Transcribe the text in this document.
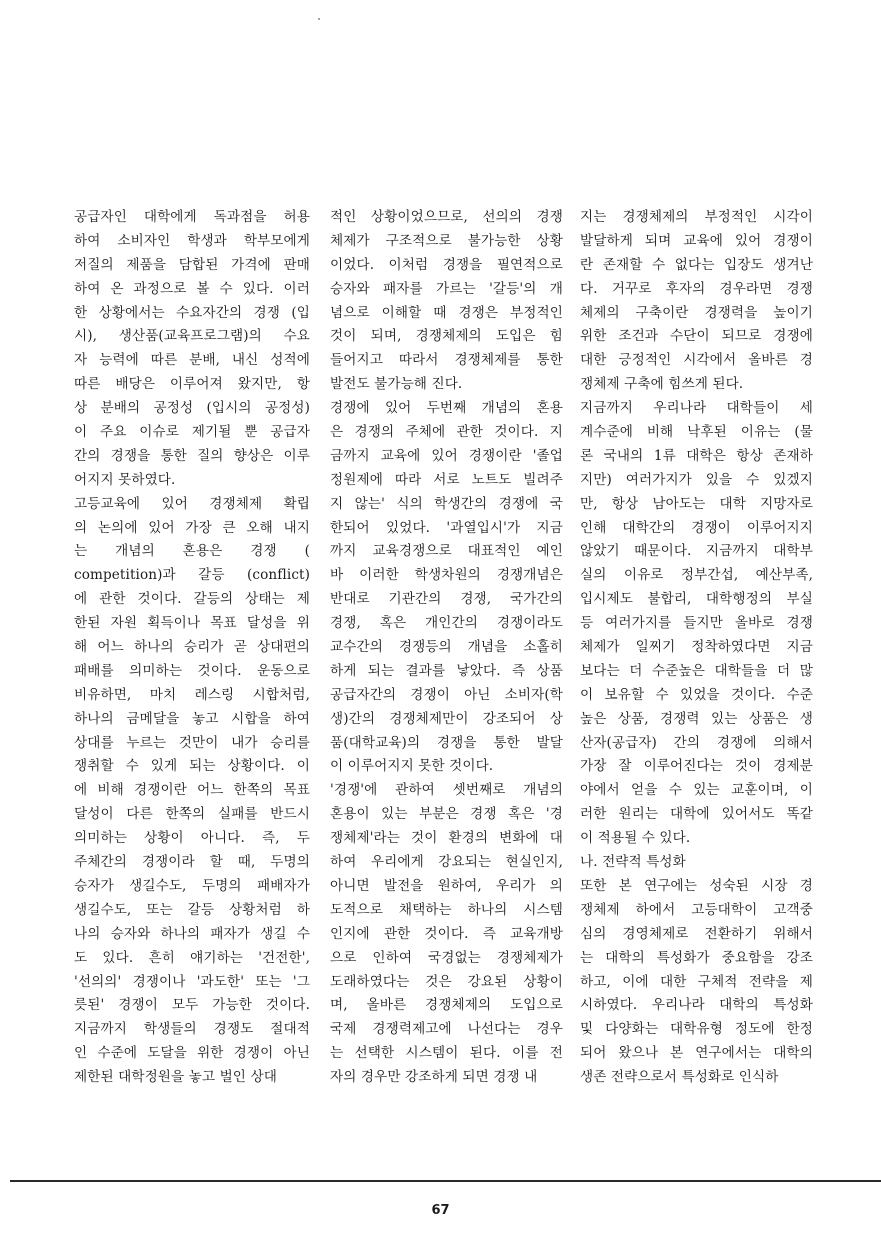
공급자인 대학에게 독과점을 허용
하여 소비자인 학생과 학부모에게
저질의 제품을 담합된 가격에 판매
하여 온 과정으로 볼 수 있다. 이러
한 상황에서는 수요자간의 경쟁 (입
시), 생산품(교육프로그램)의 수요
자 능력에 따른 분배, 내신 성적에
따른 배당은 이루어져 왔지만, 항
상 분배의 공정성 (입시의 공정성)
이 주요 이슈로 제기될 뿐 공급자
간의 경쟁을 통한 질의 향상은 이루
어지지 못하였다.
고등교육에 있어 경쟁체제 확립
의 논의에 있어 가장 큰 오해 내지
는 개념의 혼용은 경쟁 (
competition)과 갈등 (conflict)
에 관한 것이다. 갈등의 상태는 제
한된 자원 획득이나 목표 달성을 위
해 어느 하나의 승리가 곧 상대편의
패배를 의미하는 것이다. 운동으로
비유하면, 마치 레스링 시합처럼,
하나의 금메달을 놓고 시합을 하여
상대를 누르는 것만이 내가 승리를
쟁취할 수 있게 되는 상황이다. 이
에 비해 경쟁이란 어느 한쪽의 목표
달성이 다른 한쪽의 실패를 반드시
의미하는 상황이 아니다. 즉, 두
주체간의 경쟁이라 할 때, 두명의
승자가 생길수도, 두명의 패배자가
생길수도, 또는 갈등 상황처럼 하
나의 승자와 하나의 패자가 생길 수
도 있다. 흔히 얘기하는 '건전한',
'선의의' 경쟁이나 '과도한' 또는 '그
릇된' 경쟁이 모두 가능한 것이다.
지금까지 학생들의 경쟁도 절대적
인 수준에 도달을 위한 경쟁이 아닌
제한된 대학정원을 놓고 벌인 상대
적인 상황이었으므로, 선의의 경쟁
체제가 구조적으로 불가능한 상황
이었다. 이처럼 경쟁을 필연적으로
승자와 패자를 가르는 '갈등'의 개
념으로 이해할 때 경쟁은 부정적인
것이 되며, 경쟁체제의 도입은 힘
들어지고 따라서 경쟁체제를 통한
발전도 불가능해 진다.
경쟁에 있어 두번째 개념의 혼용
은 경쟁의 주체에 관한 것이다. 지
금까지 교육에 있어 경쟁이란 '졸업
정원제에 따라 서로 노트도 빌려주
지 않는' 식의 학생간의 경쟁에 국
한되어 있었다. '과열입시'가 지금
까지 교육경쟁으로 대표적인 예인
바 이러한 학생차원의 경쟁개념은
반대로 기관간의 경쟁, 국가간의
경쟁, 혹은 개인간의 경쟁이라도
교수간의 경쟁등의 개념을 소홀히
하게 되는 결과를 낳았다. 즉 상품
공급자간의 경쟁이 아닌 소비자(학
생)간의 경쟁체제만이 강조되어 상
품(대학교육)의 경쟁을 통한 발달
이 이루어지지 못한 것이다.
'경쟁'에 관하여 셋번째로 개념의
혼용이 있는 부분은 경쟁 혹은 '경
쟁체제'라는 것이 환경의 변화에 대
하여 우리에게 강요되는 현실인지,
아니면 발전을 원하여, 우리가 의
도적으로 채택하는 하나의 시스템
인지에 관한 것이다. 즉 교육개방
으로 인하여 국경없는 경쟁체제가
도래하였다는 것은 강요된 상황이
며, 올바른 경쟁체제의 도입으로
국제 경쟁력제고에 나선다는 경우
는 선택한 시스템이 된다. 이를 전
자의 경우만 강조하게 되면 경쟁 내
지는 경쟁체제의 부정적인 시각이
발달하게 되며 교육에 있어 경쟁이
란 존재할 수 없다는 입장도 생겨난
다. 거꾸로 후자의 경우라면 경쟁
체제의 구축이란 경쟁력을 높이기
위한 조건과 수단이 되므로 경쟁에
대한 긍정적인 시각에서 올바른 경
쟁체제 구축에 힘쓰게 된다.
지금까지 우리나라 대학들이 세
계수준에 비해 낙후된 이유는 (물
론 국내의 1류 대학은 항상 존재하
지만) 여러가지가 있을 수 있겠지
만, 항상 남아도는 대학 지망자로
인해 대학간의 경쟁이 이루어지지
않았기 때문이다. 지금까지 대학부
실의 이유로 정부간섭, 예산부족,
입시제도 불합리, 대학행정의 부실
등 여러가지를 들지만 올바로 경쟁
체제가 일찌기 정착하였다면 지금
보다는 더 수준높은 대학들을 더 많
이 보유할 수 있었을 것이다. 수준
높은 상품, 경쟁력 있는 상품은 생
산자(공급자) 간의 경쟁에 의해서
가장 잘 이루어진다는 것이 경제분
야에서 얻을 수 있는 교훈이며, 이
러한 원리는 대학에 있어서도 똑같
이 적용될 수 있다.
나. 전략적 특성화
또한 본 연구에는 성숙된 시장 경
쟁체제 하에서 고등대학이 고객중
심의 경영체제로 전환하기 위해서
는 대학의 특성화가 중요함을 강조
하고, 이에 대한 구체적 전략을 제
시하였다. 우리나라 대학의 특성화
및 다양화는 대학유형 정도에 한정
되어 왔으나 본 연구에서는 대학의
생존 전략으로서 특성화로 인식하
67
